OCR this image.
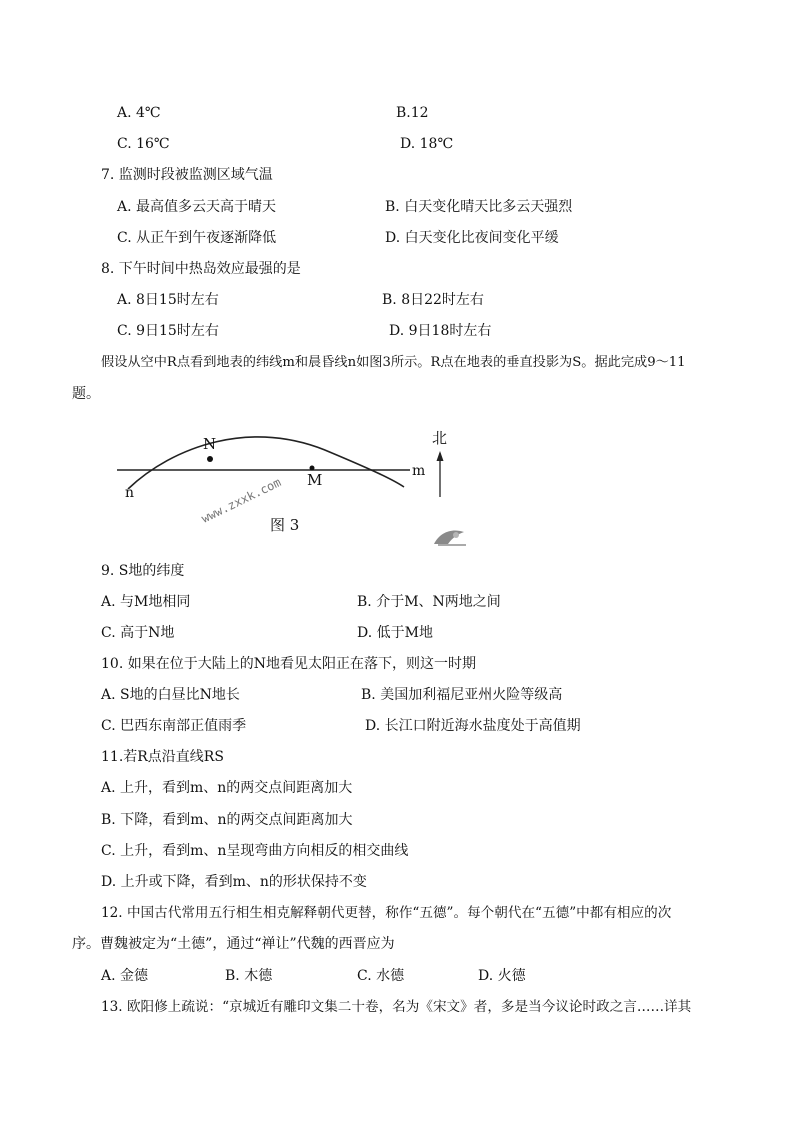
A. 4℃	B.12
C. 16℃	D. 18℃
7. 监测时段被监测区域气温
A. 最高值多云天高于晴天	B. 白天变化晴天比多云天强烈
C. 从正午到午夜逐渐降低	D. 白天变化比夜间变化平缓
8. 下午时间中热岛效应最强的是
A. 8日15时左右	B. 8日22时左右
C. 9日15时左右	D. 9日18时左右
假设从空中R点看到地表的纬线m和晨昏线n如图3所示。R点在地表的垂直投影为S。据此完成9～11
题。
N
M	m
n
北
图 3
www.zxxk.com
9. S地的纬度
A. 与M地相同	B. 介于M、N两地之间
C. 高于N地	D. 低于M地
10. 如果在位于大陆上的N地看见太阳正在落下，则这一时期
A. S地的白昼比N地长	B. 美国加利福尼亚州火险等级高
C. 巴西东南部正值雨季	D. 长江口附近海水盐度处于高值期
11.若R点沿直线RS
A. 上升，看到m、n的两交点间距离加大
B. 下降，看到m、n的两交点间距离加大
C. 上升，看到m、n呈现弯曲方向相反的相交曲线
D. 上升或下降，看到m、n的形状保持不变
12. 中国古代常用五行相生相克解释朝代更替，称作“五德”。每个朝代在“五德”中都有相应的次
序。曹魏被定为“土德”，通过“禅让”代魏的西晋应为
A. 金德	B. 木德	C. 水德	D. 火德
13. 欧阳修上疏说：“京城近有雕印文集二十卷，名为《宋文》者，多是当今议论时政之言……详其
